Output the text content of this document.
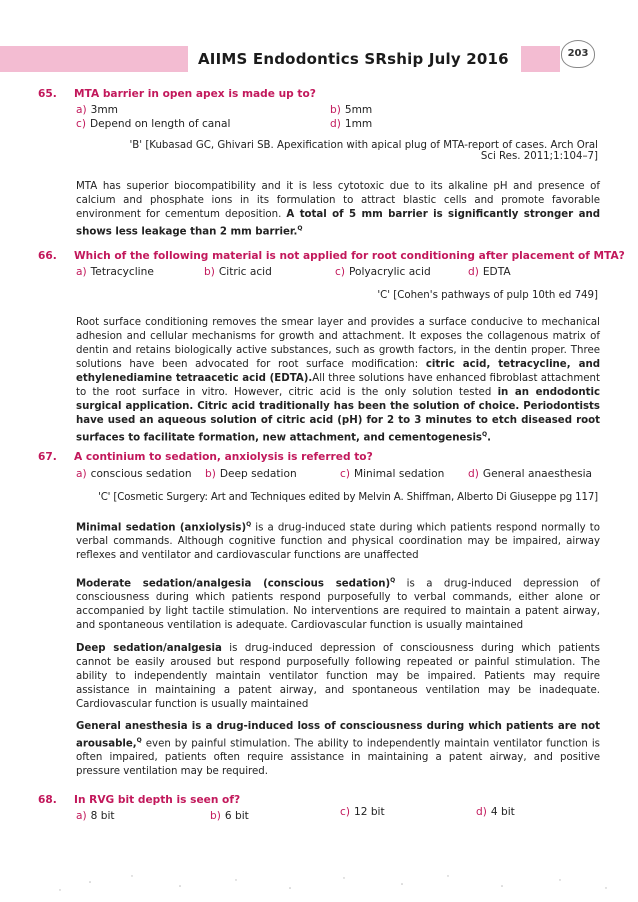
AIIMS Endodontics SRship July 2016	203
65. MTA barrier in open apex is made up to?
a) 3mm	b) 5mm
c) Depend on length of canal	d) 1mm
'B' [Kubasad GC, Ghivari SB. Apexification with apical plug of MTA-report of cases. Arch Oral
Sci Res. 2011;1:104–7]
MTA has superior biocompatibility and it is less cytotoxic due to its alkaline pH and presence of calcium and phosphate ions in its formulation to attract blastic cells and promote favorable environment for cementum deposition. A total of 5 mm barrier is significantly stronger and shows less leakage than 2 mm barrier.$^Q$
66. Which of the following material is not applied for root conditioning after placement of MTA?
a) Tetracycline	b) Citric acid	c) Polyacrylic acid	d) EDTA
'C' [Cohen's pathways of pulp 10th ed 749]
Root surface conditioning removes the smear layer and provides a surface conducive to mechanical adhesion and cellular mechanisms for growth and attachment. It exposes the collagenous matrix of dentin and retains biologically active substances, such as growth factors, in the dentin proper. Three solutions have been advocated for root surface modification: citric acid, tetracycline, and ethylenediamine tetraacetic acid (EDTA).All three solutions have enhanced fibroblast attachment to the root surface in vitro. However, citric acid is the only solution tested in an endodontic surgical application. Citric acid traditionally has been the solution of choice. Periodontists have used an aqueous solution of citric acid (pH) for 2 to 3 minutes to etch diseased root surfaces to facilitate formation, new attachment, and cementogenesis$^Q$.
67. A continium to sedation, anxiolysis is referred to?
a) conscious sedation b) Deep sedation	c) Minimal sedation d) General anaesthesia
'C' [Cosmetic Surgery: Art and Techniques edited by Melvin A. Shiffman, Alberto Di Giuseppe pg 117]
Minimal sedation (anxiolysis)$^Q$ is a drug-induced state during which patients respond normally to verbal commands. Although cognitive function and physical coordination may be impaired, airway reflexes and ventilator and cardiovascular functions are unaffected
Moderate sedation/analgesia (conscious sedation)$^Q$ is a drug-induced depression of consciousness during which patients respond purposefully to verbal commands, either alone or accompanied by light tactile stimulation. No interventions are required to maintain a patent airway, and spontaneous ventilation is adequate. Cardiovascular function is usually maintained
Deep sedation/analgesia is drug-induced depression of consciousness during which patients cannot be easily aroused but respond purposefully following repeated or painful stimulation. The ability to independently maintain ventilator function may be impaired. Patients may require assistance in maintaining a patent airway, and spontaneous ventilation may be inadequate. Cardiovascular function is usually maintained
General anesthesia is a drug-induced loss of consciousness during which patients are not arousable,$^Q$ even by painful stimulation. The ability to independently maintain ventilator function is often impaired, patients often require assistance in maintaining a patent airway, and positive pressure ventilation may be required.
68. In RVG bit depth is seen of?
a) 8 bit	b) 6 bit	c) 12 bit	d) 4 bit
